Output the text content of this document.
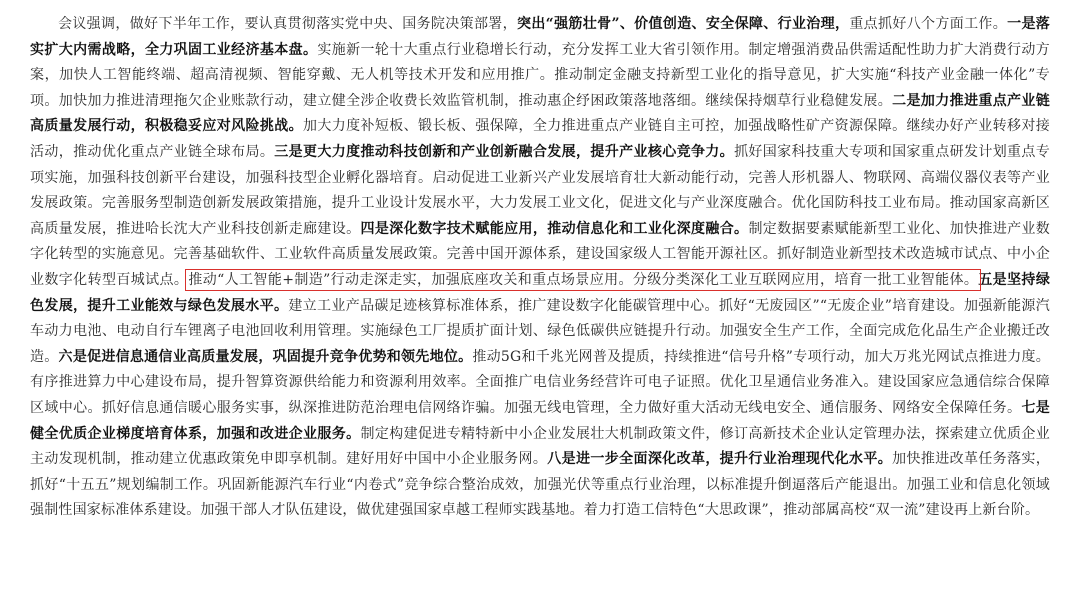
会议强调，做好下半年工作，要认真贯彻落实党中央、国务院决策部署，突出“强筋壮骨”、价值创造、安全保障、行业治理，重点抓好八个方面工作。一是落实扩大内需战略，全力巩固工业经济基本盘。实施新一轮十大重点行业稳增长行动，充分发挥工业大省引领作用。制定增强消费品供需适配性助力扩大消费行动方案，加快人工智能终端、超高清视频、智能穿戴、无人机等技术开发和应用推广。推动制定金融支持新型工业化的指导意见，扩大实施“科技产业金融一体化”专项。加快加力推进清理拖欠企业账款行动，建立健全涉企收费长效监管机制，推动惠企纾困政策落地落细。继续保持烟草行业稳健发展。二是加力推进重点产业链高质量发展行动，积极稳妥应对风险挑战。加大力度补短板、锻长板、强保障，全力推进重点产业链自主可控，加强战略性矿产资源保障。继续办好产业转移对接活动，推动优化重点产业链全球布局。三是更大力度推动科技创新和产业创新融合发展，提升产业核心竞争力。抓好国家科技重大专项和国家重点研发计划重点专项实施，加强科技创新平台建设，加强科技型企业孵化器培育。启动促进工业新兴产业发展培育壮大新动能行动，完善人形机器人、物联网、高端仪器仪表等产业发展政策。完善服务型制造创新发展政策措施，提升工业设计发展水平，大力发展工业文化，促进文化与产业深度融合。优化国防科技工业布局。推动国家高新区高质量发展，推进哈长沈大产业科技创新走廊建设。四是深化数字技术赋能应用，推动信息化和工业化深度融合。制定数据要素赋能新型工业化、加快推进产业数字化转型的实施意见。完善基础软件、工业软件高质量发展政策。完善中国开源体系，建设国家级人工智能开源社区。抓好制造业新型技术改造城市试点、中小企业数字化转型百城试点。推动“人工智能+制造”行动走深走实，加强底座攻关和重点场景应用。分级分类深化工业互联网应用，培育一批工业智能体。五是坚持绿色发展，提升工业能效与绿色发展水平。建立工业产品碳足迹核算标准体系，推广建设数字化能碳管理中心。抓好“无废园区”“无废企业”培育建设。加强新能源汽车动力电池、电动自行车锂离子电池回收利用管理。实施绿色工厂提质扩面计划、绿色低碳供应链提升行动。加强安全生产工作，全面完成危化品生产企业搬迁改造。六是促进信息通信业高质量发展，巩固提升竞争优势和领先地位。推动5G和千兆光网普及提质，持续推进“信号升格”专项行动，加大万兆光网试点推进力度。有序推进算力中心建设布局，提升智算资源供给能力和资源利用效率。全面推广电信业务经营许可电子证照。优化卫星通信业务准入。建设国家应急通信综合保障区域中心。抓好信息通信暖心服务实事，纵深推进防范治理电信网络诈骗。加强无线电管理，全力做好重大活动无线电安全、通信服务、网络安全保障任务。七是健全优质企业梯度培育体系，加强和改进企业服务。制定构建促进专精特新中小企业发展壮大机制政策文件，修订高新技术企业认定管理办法，探索建立优质企业主动发现机制，推动建立优惠政策免申即享机制。建好用好中国中小企业服务网。八是进一步全面深化改革，提升行业治理现代化水平。加快推进改革任务落实，抓好“十五五”规划编制工作。巩固新能源汽车行业“内卷式”竞争综合整治成效，加强光伏等重点行业治理，以标准提升倒逼落后产能退出。加强工业和信息化领域强制性国家标准体系建设。加强干部人才队伍建设，做优建强国家卓越工程师实践基地。着力打造工信特色“大思政课”，推动部属高校“双一流”建设再上新台阶。
